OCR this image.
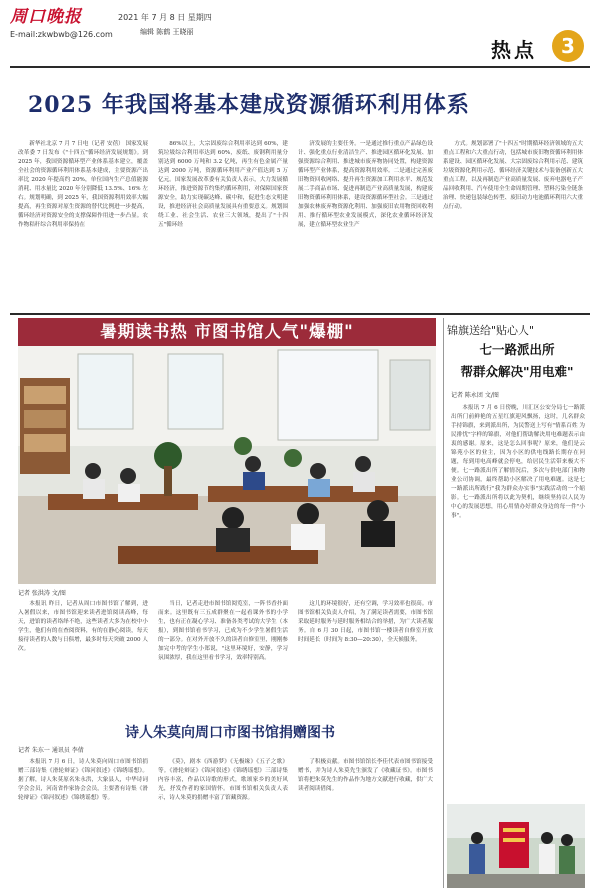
周口晚报
E-mail:zkwbwb@126.com
2021 年 7 月 8 日 星期四
编辑 陈鹤 王晓丽
热点	3
2025 年我国将基本建成资源循环利用体系

新华社北京 7 月 7 日电（记者 安蓓） 国家发展改革委 7 日发布《"十四五"循环经济发展规划》。到 2025 年，我国资源循环型产业体系基本建立，覆盖全社会的资源循环利用体系基本建成，主要资源产出率比 2020 年提高约 20%，单位国内生产总值能源消耗、用水量比 2020 年分别降低 13.5%、16% 左右。规划明确，到 2025 年，我国资源利用效率大幅提高，再生资源对原生资源的替代比例进一步提高，循环经济对资源安全的支撑保障作用进一步凸显。农作物秸秆综合利用率保持在

86%以上，大宗固废综合利用率达到 60%，建筑垃圾综合利用率达到 60%，废纸、废钢利用量分别达到 6000 万吨和 3.2 亿吨，再生有色金属产量达到 2000 万吨，资源循环利用产业产值达到 5 万亿元。国家发展改革委有关负责人表示，大力发展循环经济，推进资源节约集约循环利用，对保障国家资源安全，助力实现碳达峰、碳中和，促进生态文明建设，推进经济社会高质量发展具有重要意义。规划围绕工业、社会生活、农业三大领域，提出了"十四五"循环经

济发展的主要任务。一是通过推行重点产品绿色设计、强化重点行业清洁生产、推进园区循环化发展、加强资源综合利用、推进城市废弃物协同处置，构建资源循环型产业体系，提高资源利用效率。二是通过完善废旧物资回收网络、提升再生资源加工利用水平、规范发展二手商品市场、促进再制造产业高质量发展，构建废旧物资循环利用体系，建设资源循环型社会。三是通过加强农林废弃物资源化利用、加强废旧农用物资回收利用、推行循环型农业发展模式，深化农业循环经济发展，建立循环型农业生产

方式。规划部署了"十四五"时期循环经济领域的五大重点工程和六大重点行动，包括城市废旧物资循环利用体系建设、园区循环化发展、大宗固废综合利用示范、建筑垃圾资源化利用示范、循环经济关键技术与装备创新五大重点工程，以及再制造产业高质量发展、废弃电器电子产品回收利用、汽车使用全生命周期管理、塑料污染全链条治理、快递包装绿色转型、废旧动力电池循环利用六大重点行动。

暑期读书热 市图书馆人气"爆棚"
记者 张洪涛 文/图

本报讯 昨日，记者从周口市图书馆了解到，进入暑假以来，市图书馆迎来读者进馆阅读高峰，每天，进馆的读者络绎不绝，这些读者大多为在校中小学生，他们有的在查阅资料，有的在静心阅读，每天接待读者的人数与日俱增，最多时每天突破 2000 人次。

当日，记者走进市图书馆阅览室，一阵书香扑面而来。这里既有三五成群聚在一起看课外书的小学生，也有正在凝心学习、准备各类考试的大学生（本报），到图书馆看书学习，已成为不少学生暑假生活的一部分。在对外开放不久的读者自修室里，刚刚参加完中考的学生小郑说，"这里环境好，安静，学习氛围浓厚，我在这里看书学习，效率特别高。

这儿的环境很好，还有空调，学习效率也很高。市图书馆相关负责人介绍，为了满足读者需要，市图书馆采取延时服务与延时服务相结合的举措，为广大读者服务。自 6 月 30 日起，市图书馆一楼读者自修室开放时间延长（时间为 8:30—20:30），全天候服务。

锦旗送给"贴心人"
七一路派出所
帮群众解决"用电难"
记者 陈永团 文/图

本报讯 7 月 6 日傍晚，川汇区公安分局七一路派出所门前鲜艳的五星红旗迎风飘扬，这时，几名群众手持锦旗，来到派出所，为民警送上写有"情系百姓 为民排忧"字样的锦旗，对他们帮助解决用电难题表示由衷的感谢。原来，这是怎么回事呢？原来，他们是云锦苑小区的业主，因为小区的供电线路长期存在问题，每到用电高峰就会停电，给居民生活带来极大不便。七一路派出所了解情况后，多次与供电部门和物业公司协调，最终帮助小区解决了用电难题。这是七一路派出所践行"我为群众办实事"实践活动的一个缩影。七一路派出所将以此为契机，继续坚持以人民为中心的发展思想，用心用情办好群众身边的每一件"小事"。

诗人朱莫向周口市图书馆捐赠图书
记者 朱东一 通讯员 李倩

本报讯 7 月 6 日，诗人朱莫向周口市图书馆捐赠三部诗集《滑轮辩证》《锦河叙述》《锦绣谣想》。据了解，诗人朱莫原名朱永洪，大象县人，中华诗词学会会员，河南省作家协会会员，主要著有诗集《滑轮辩证》《锦河叙述》《锦绣谣想》等。

《莫》，剧本《西游梦》《无极缘》《五子之歌》等。《滑轮辩证》《锦河叙述》《锦绣谣想》三部诗集内容丰富，作品以诗歌的形式，歌颂家乡的美好风光，抒发作者的家国情怀。市图书馆相关负责人表示，诗人朱莫的捐赠丰富了馆藏资源。

了积极贡献。市图书馆馆长李佳代表市图书馆接受赠书，并为诗人朱莫先生颁发了《收藏证书》。市图书馆将把朱莫先生的作品作为地方文献进行收藏，供广大读者阅读借阅。
